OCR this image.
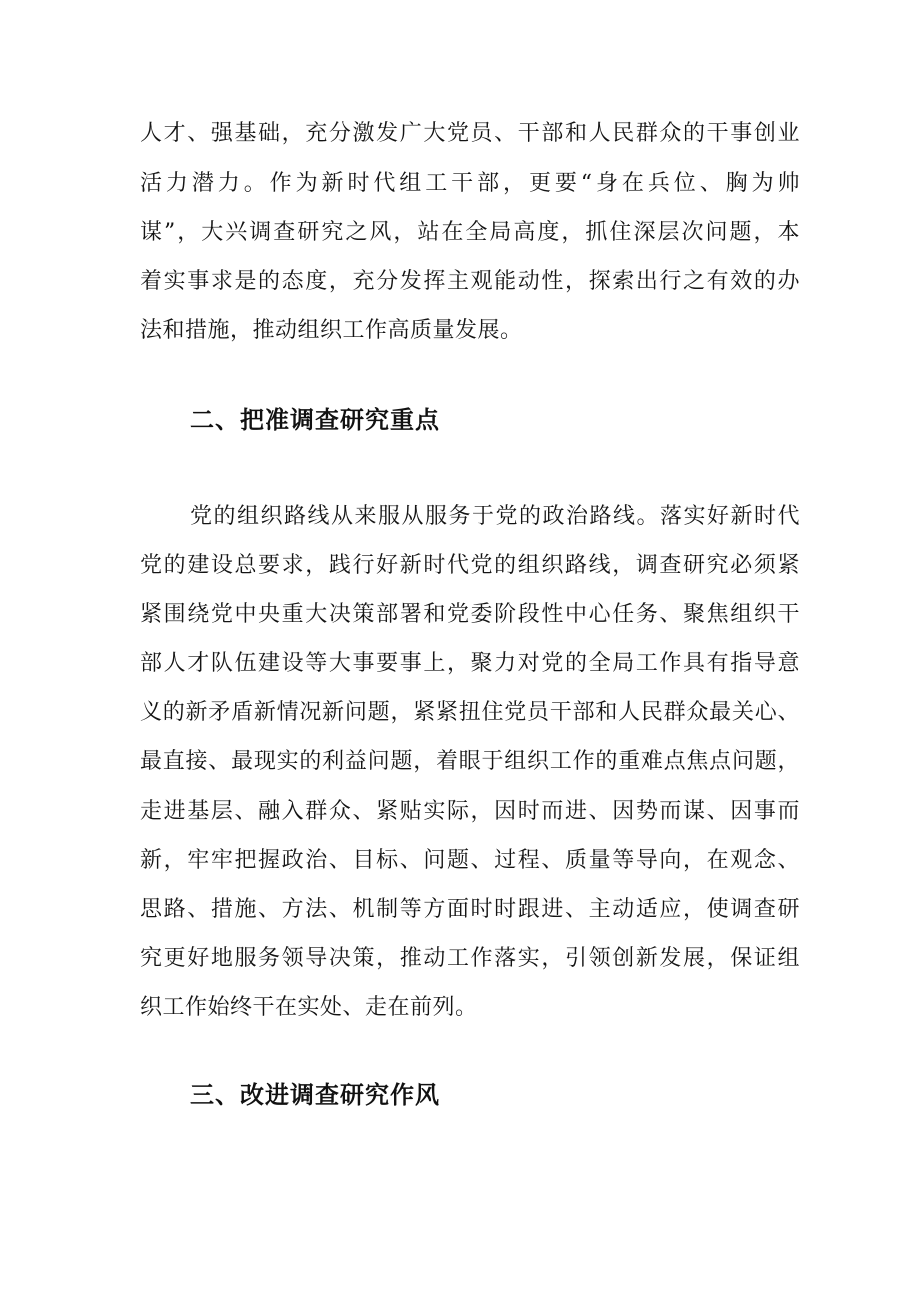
人才、强基础，充分激发广大党员、干部和人民群众的干事创业
活力潜力。作为新时代组工干部，更要“身在兵位、胸为帅
谋”，大兴调查研究之风，站在全局高度，抓住深层次问题，本
着实事求是的态度，充分发挥主观能动性，探索出行之有效的办
法和措施，推动组织工作高质量发展。
二、把准调查研究重点
党的组织路线从来服从服务于党的政治路线。落实好新时代
党的建设总要求，践行好新时代党的组织路线，调查研究必须紧
紧围绕党中央重大决策部署和党委阶段性中心任务、聚焦组织干
部人才队伍建设等大事要事上，聚力对党的全局工作具有指导意
义的新矛盾新情况新问题，紧紧扭住党员干部和人民群众最关心、
最直接、最现实的利益问题，着眼于组织工作的重难点焦点问题，
走进基层、融入群众、紧贴实际，因时而进、因势而谋、因事而
新，牢牢把握政治、目标、问题、过程、质量等导向，在观念、
思路、措施、方法、机制等方面时时跟进、主动适应，使调查研
究更好地服务领导决策，推动工作落实，引领创新发展，保证组
织工作始终干在实处、走在前列。
三、改进调查研究作风
